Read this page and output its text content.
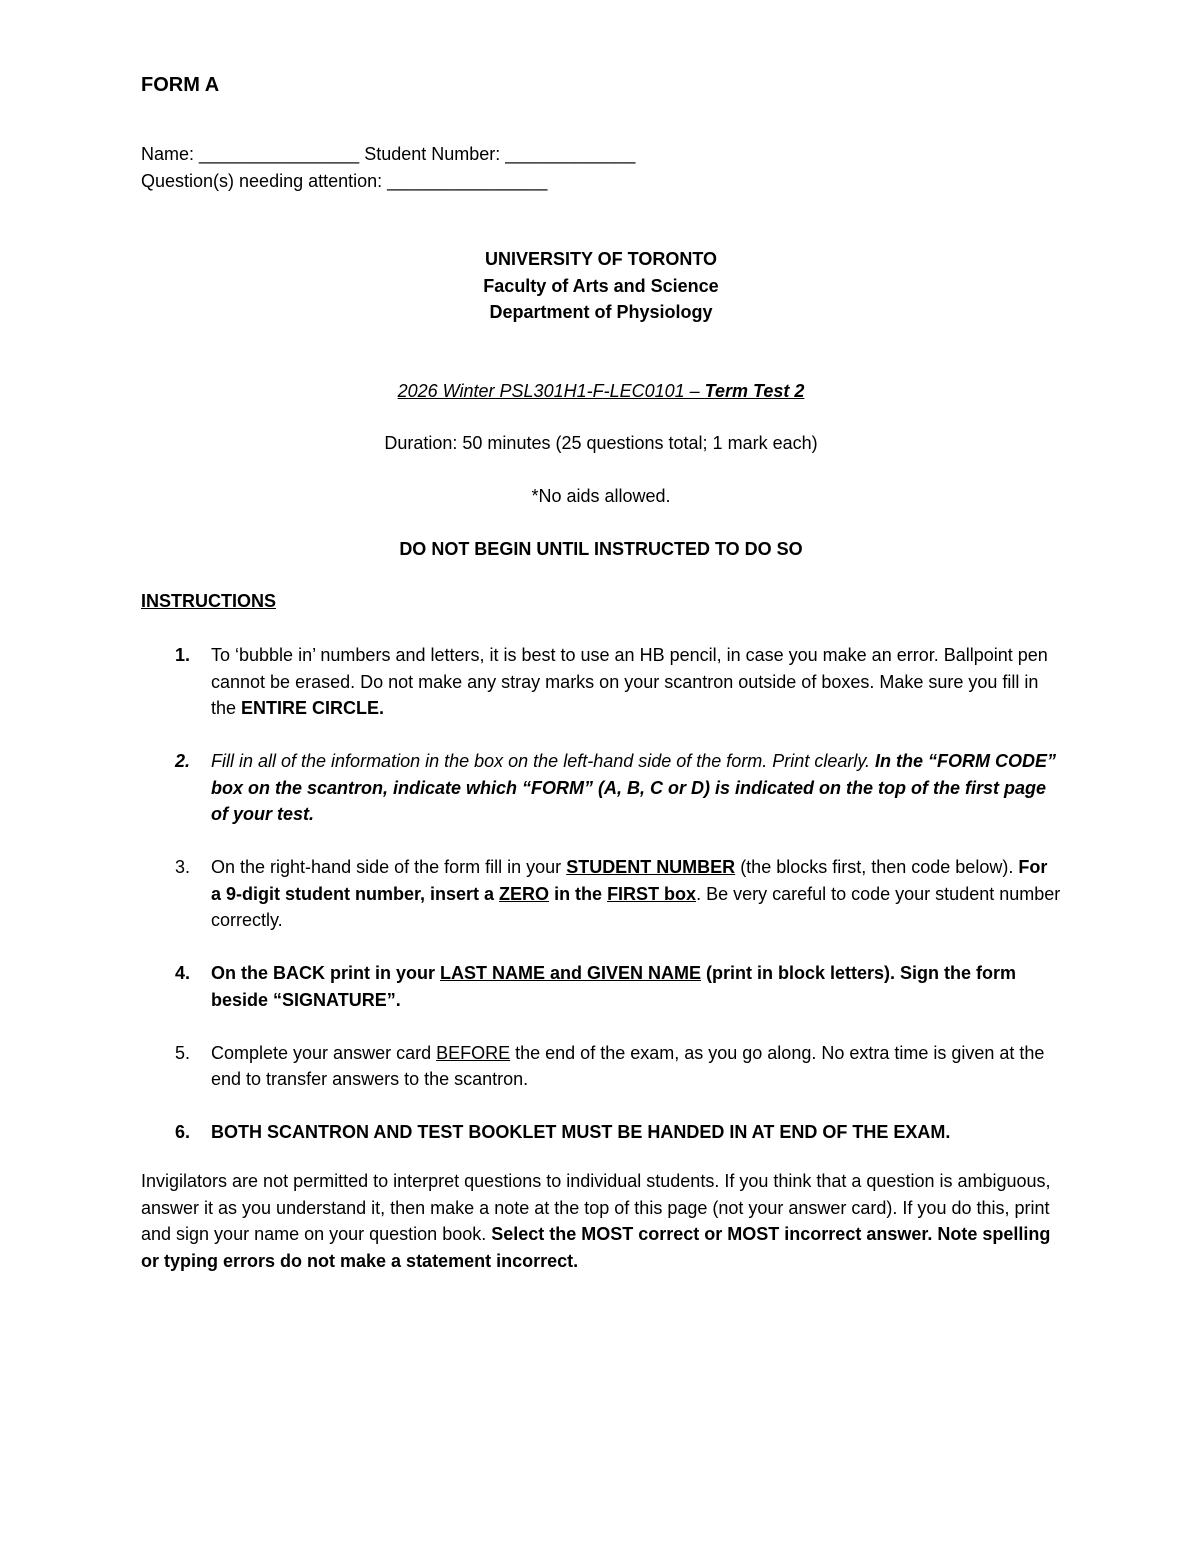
FORM A
Name: ________________ Student Number: _____________
Question(s) needing attention: ________________
UNIVERSITY OF TORONTO
Faculty of Arts and Science
Department of Physiology
2026 Winter PSL301H1-F-LEC0101 – Term Test 2
Duration: 50 minutes (25 questions total; 1 mark each)
*No aids allowed.
DO NOT BEGIN UNTIL INSTRUCTED TO DO SO
INSTRUCTIONS
1. To ‘bubble in’ numbers and letters, it is best to use an HB pencil, in case you make an error. Ballpoint pen cannot be erased. Do not make any stray marks on your scantron outside of boxes. Make sure you fill in the ENTIRE CIRCLE.
2. Fill in all of the information in the box on the left-hand side of the form. Print clearly. In the “FORM CODE” box on the scantron, indicate which “FORM” (A, B, C or D) is indicated on the top of the first page of your test.
3. On the right-hand side of the form fill in your STUDENT NUMBER (the blocks first, then code below). For a 9-digit student number, insert a ZERO in the FIRST box. Be very careful to code your student number correctly.
4. On the BACK print in your LAST NAME and GIVEN NAME (print in block letters). Sign the form beside “SIGNATURE”.
5. Complete your answer card BEFORE the end of the exam, as you go along. No extra time is given at the end to transfer answers to the scantron.
6. BOTH SCANTRON AND TEST BOOKLET MUST BE HANDED IN AT END OF THE EXAM.
Invigilators are not permitted to interpret questions to individual students. If you think that a question is ambiguous, answer it as you understand it, then make a note at the top of this page (not your answer card). If you do this, print and sign your name on your question book. Select the MOST correct or MOST incorrect answer. Note spelling or typing errors do not make a statement incorrect.
